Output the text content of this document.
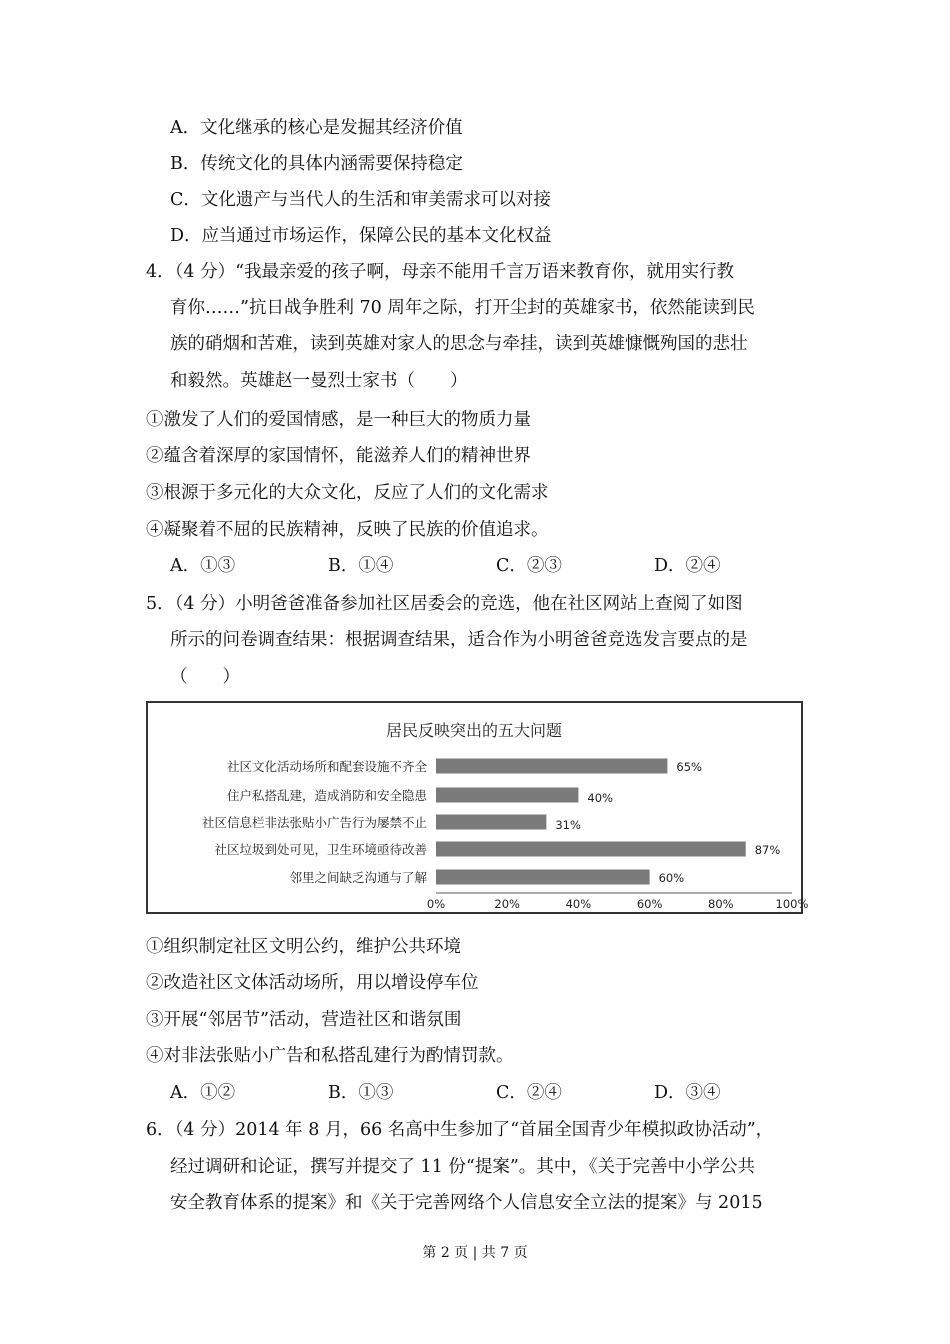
A．文化继承的核心是发掘其经济价值
B．传统文化的具体内涵需要保持稳定
C．文化遗产与当代人的生活和审美需求可以对接
D．应当通过市场运作，保障公民的基本文化权益
4．（4 分）“我最亲爱的孩子啊，母亲不能用千言万语来教育你，就用实行教
育你……”抗日战争胜利 70 周年之际，打开尘封的英雄家书，依然能读到民
族的硝烟和苦难，读到英雄对家人的思念与牵挂，读到英雄慷慨殉国的悲壮
和毅然。英雄赵一曼烈士家书（　　）
①激发了人们的爱国情感，是一种巨大的物质力量
②蕴含着深厚的家国情怀，能滋养人们的精神世界
③根源于多元化的大众文化，反应了人们的文化需求
④凝聚着不屈的民族精神，反映了民族的价值追求。
A．①③	B．①④	C．②③	D．②④
5．（4 分）小明爸爸准备参加社区居委会的竞选，他在社区网站上查阅了如图
所示的问卷调查结果：根据调查结果，适合作为小明爸爸竞选发言要点的是
（　　）
居民反映突出的五大问题
社区文化活动场所和配套设施不齐全	65%
住户私搭乱建，造成消防和安全隐患	40%
社区信息栏非法张贴小广告行为屡禁不止	31%
社区垃圾到处可见，卫生环境亟待改善	87%
邻里之间缺乏沟通与了解	60%
0%	20%	40%	60%	80%	100%
①组织制定社区文明公约，维护公共环境
②改造社区文体活动场所，用以增设停车位
③开展“邻居节”活动，营造社区和谐氛围
④对非法张贴小广告和私搭乱建行为酌情罚款。
A．①②	B．①③	C．②④	D．③④
6．（4 分）2014 年 8 月，66 名高中生参加了“首届全国青少年模拟政协活动”，
经过调研和论证，撰写并提交了 11 份“提案”。其中，《关于完善中小学公共
安全教育体系的提案》和《关于完善网络个人信息安全立法的提案》与 2015
第 2 页 | 共 7 页
